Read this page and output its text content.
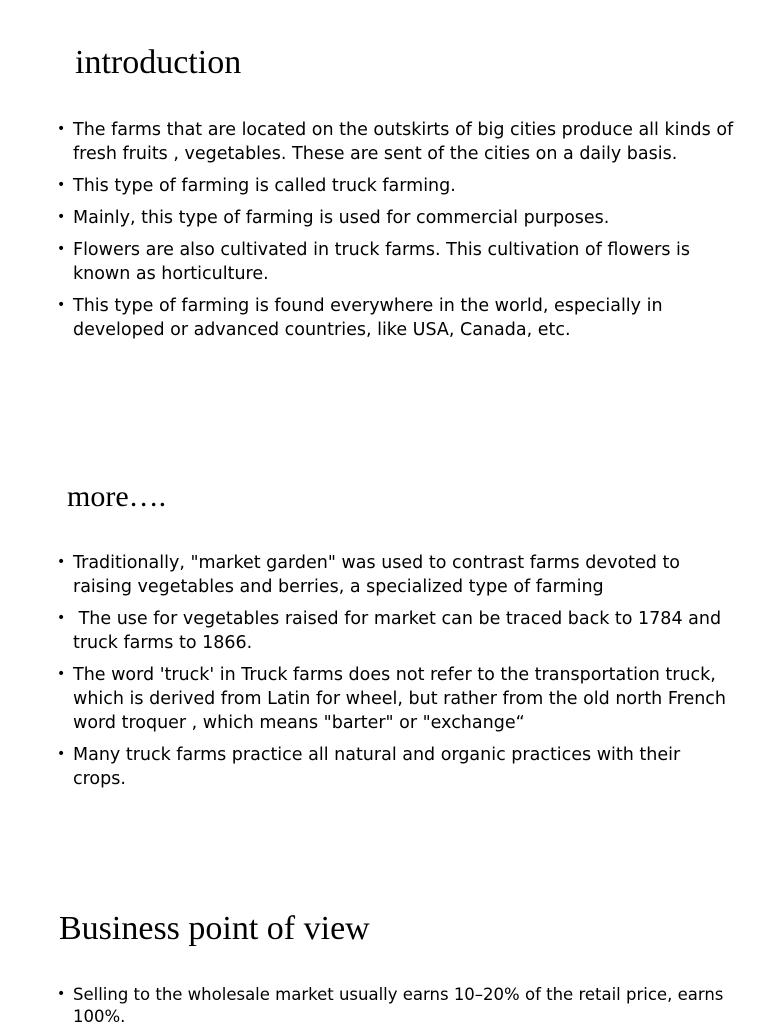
introduction
• The farms that are located on the outskirts of big cities produce all kinds of fresh fruits , vegetables. These are sent of the cities on a daily basis.
• This type of farming is called truck farming.
• Mainly, this type of farming is used for commercial purposes.
• Flowers are also cultivated in truck farms. This cultivation of flowers is known as horticulture.
• This type of farming is found everywhere in the world, especially in developed or advanced countries, like USA, Canada, etc.
more….
• Traditionally, "market garden" was used to contrast farms devoted to raising vegetables and berries, a specialized type of farming
• The use for vegetables raised for market can be traced back to 1784 and truck farms to 1866.
• The word 'truck' in Truck farms does not refer to the transportation truck, which is derived from Latin for wheel, but rather from the old north French word troquer , which means "barter" or "exchange“
• Many truck farms practice all natural and organic practices with their crops.
Business point of view
• Selling to the wholesale market usually earns 10–20% of the retail price, earns 100%.
